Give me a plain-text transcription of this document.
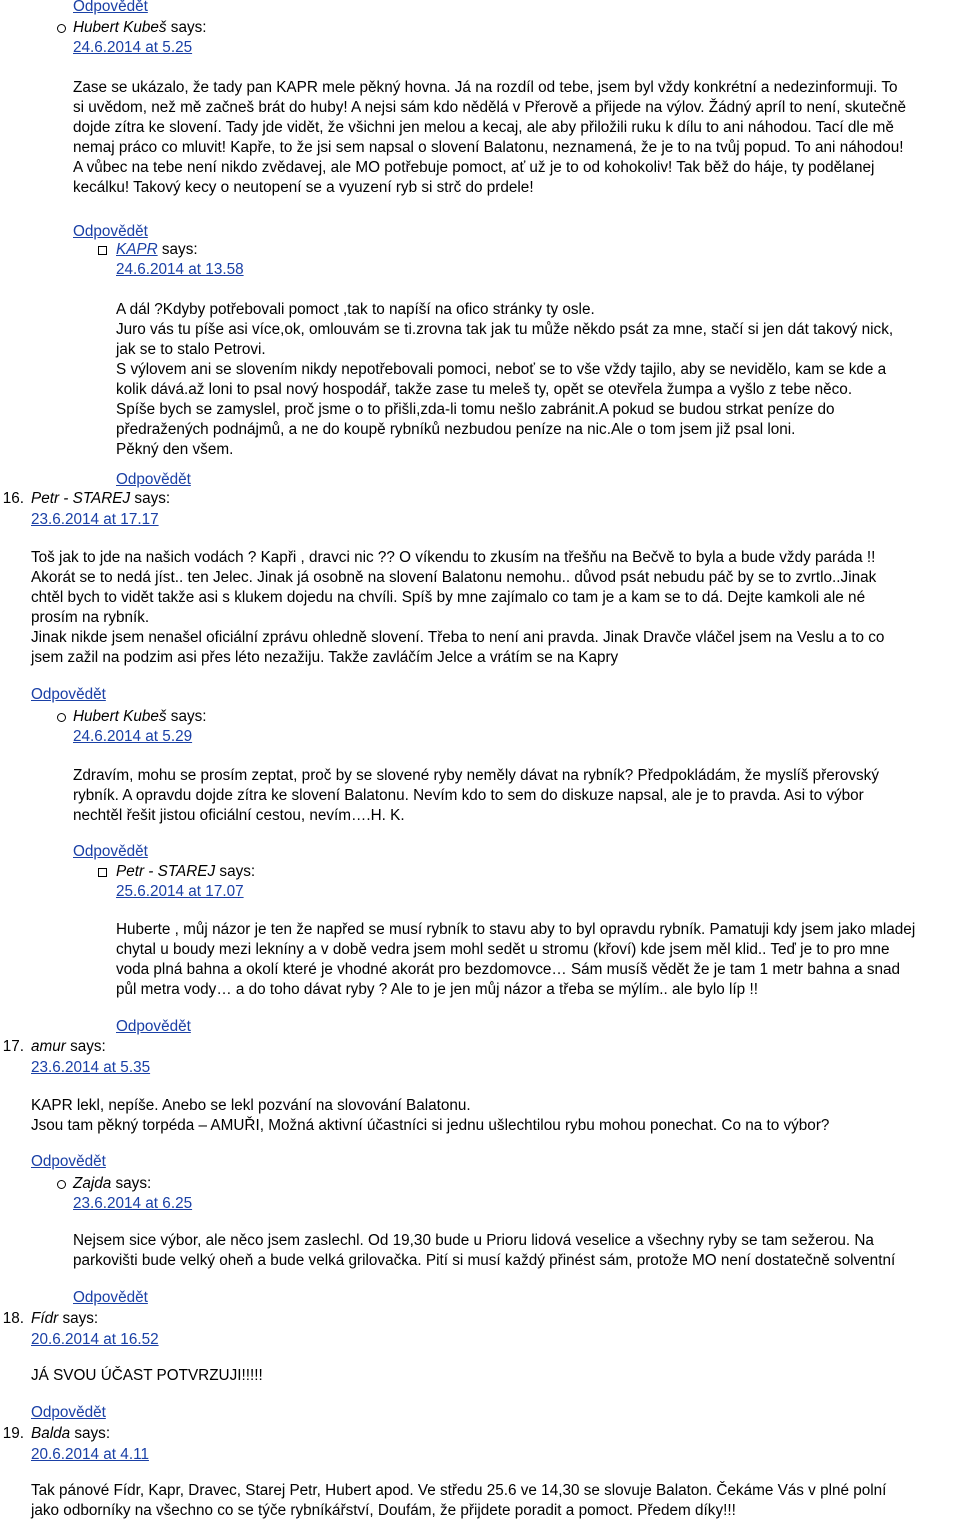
Odpovědět
Hubert Kubeš says:
24.6.2014 at 5.25
Zase se ukázalo, že tady pan KAPR mele pěkný hovna. Já na rozdíl od tebe, jsem byl vždy konkrétní a nedezinformuji. To
si uvědom, než mě začneš brát do huby! A nejsi sám kdo nědělá v Přerově a přijede na výlov. Žádný apríl to není, skutečně
dojde zítra ke slovení. Tady jde vidět, že všichni jen melou a kecaj, ale aby přiložili ruku k dílu to ani náhodou. Tací dle mě
nemaj práco co mluvit! Kapře, to že jsi sem napsal o slovení Balatonu, neznamená, že je to na tvůj popud. To ani náhodou!
A vůbec na tebe není nikdo zvědavej, ale MO potřebuje pomoct, ať už je to od kohokoliv! Tak běž do háje, ty podělanej
kecálku! Takový kecy o neutopení se a vyuzení ryb si strč do prdele!
Odpovědět
KAPR says:
24.6.2014 at 13.58
A dál ?Kdyby potřebovali pomoct ,tak to napíší na ofico stránky ty osle.
Juro vás tu píše asi více,ok, omlouvám se ti.zrovna tak jak tu může někdo psát za mne, stačí si jen dát takový nick,
jak se to stalo Petrovi.
S výlovem ani se slovením nikdy nepotřebovali pomoci, neboť se to vše vždy tajilo, aby se nevidělo, kam se kde a
kolik dává.až loni to psal nový hospodář, takže zase tu meleš ty, opět se otevřela žumpa a vyšlo z tebe něco.
Spíše bych se zamyslel, proč jsme o to přišli,zda-li tomu nešlo zabránit.A pokud se budou strkat peníze do
předražených podnájmů, a ne do koupě rybníků nezbudou peníze na nic.Ale o tom jsem již psal loni.
Pěkný den všem.
Odpovědět
16. Petr - STAREJ says:
23.6.2014 at 17.17
Toš jak to jde na našich vodách ? Kapři , dravci nic ?? O víkendu to zkusím na třešňu na Bečvě to byla a bude vždy paráda !!
Akorát se to nedá jíst.. ten Jelec. Jinak já osobně na slovení Balatonu nemohu.. důvod psát nebudu páč by se to zvrtlo..Jinak
chtěl bych to vidět takže asi s klukem dojedu na chvíli. Spíš by mne zajímalo co tam je a kam se to dá. Dejte kamkoli ale né
prosím na rybník.
Jinak nikde jsem nenašel oficiální zprávu ohledně slovení. Třeba to není ani pravda. Jinak Dravče vláčel jsem na Veslu a to co
jsem zažil na podzim asi přes léto nezažiju. Takže zavláčím Jelce a vrátím se na Kapry
Odpovědět
Hubert Kubeš says:
24.6.2014 at 5.29
Zdravím, mohu se prosím zeptat, proč by se slovené ryby neměly dávat na rybník? Předpokládám, že myslíš přerovský
rybník. A opravdu dojde zítra ke slovení Balatonu. Nevím kdo to sem do diskuze napsal, ale je to pravda. Asi to výbor
nechtěl řešit jistou oficiální cestou, nevím….H. K.
Odpovědět
Petr - STAREJ says:
25.6.2014 at 17.07
Huberte , můj názor je ten že napřed se musí rybník to stavu aby to byl opravdu rybník. Pamatuji kdy jsem jako mladej
chytal u boudy mezi lekníny a v době vedra jsem mohl sedět u stromu (křoví) kde jsem měl klid.. Teď je to pro mne
voda plná bahna a okolí které je vhodné akorát pro bezdomovce… Sám musíš vědět že je tam 1 metr bahna a snad
půl metra vody… a do toho dávat ryby ? Ale to je jen můj názor a třeba se mýlím.. ale bylo líp !!
Odpovědět
17. amur says:
23.6.2014 at 5.35
KAPR lekl, nepíše. Anebo se lekl pozvání na slovování Balatonu.
Jsou tam pěkný torpéda – AMUŘI, Možná aktivní účastníci si jednu ušlechtilou rybu mohou ponechat. Co na to výbor?
Odpovědět
Zajda says:
23.6.2014 at 6.25
Nejsem sice výbor, ale něco jsem zaslechl. Od 19,30 bude u Prioru lidová veselice a všechny ryby se tam sežerou. Na
parkovišti bude velký oheň a bude velká grilovačka. Pití si musí každý přinést sám, protože MO není dostatečně solventní
Odpovědět
18. Fídr says:
20.6.2014 at 16.52
JÁ SVOU ÚČAST POTVRZUJI!!!!!
Odpovědět
19. Balda says:
20.6.2014 at 4.11
Tak pánové Fídr, Kapr, Dravec, Starej Petr, Hubert apod. Ve středu 25.6 ve 14,30 se slovuje Balaton. Čekáme Vás v plné polní
jako odborníky na všechno co se týče rybníkářství, Doufám, že přijdete poradit a pomoct. Předem díky!!!
